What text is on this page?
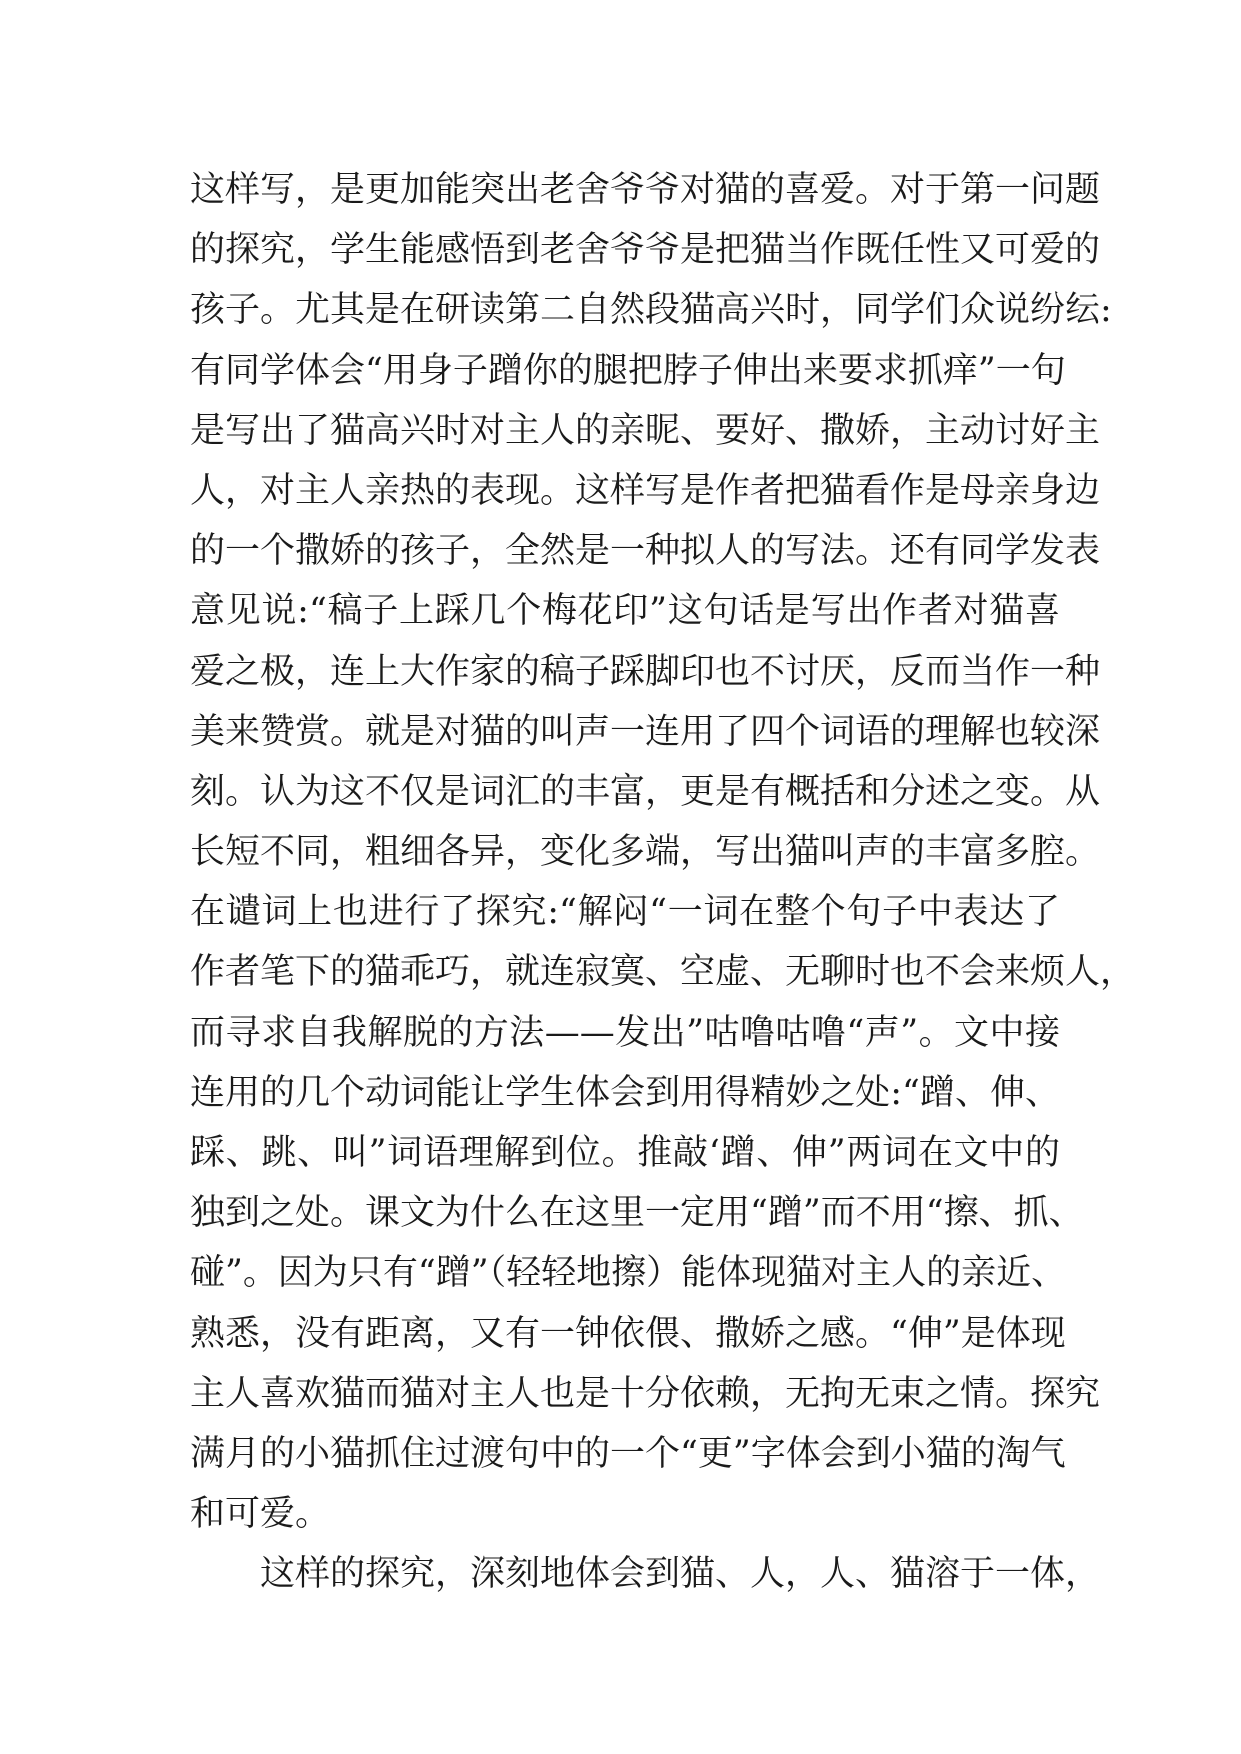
这样写，是更加能突出老舍爷爷对猫的喜爱。对于第一问题
的探究，学生能感悟到老舍爷爷是把猫当作既任性又可爱的
孩子。尤其是在研读第二自然段猫高兴时，同学们众说纷纭:
有同学体会“用身子蹭你的腿把脖子伸出来要求抓痒”一句
是写出了猫高兴时对主人的亲昵、要好、撒娇，主动讨好主
人，对主人亲热的表现。这样写是作者把猫看作是母亲身边
的一个撒娇的孩子，全然是一种拟人的写法。还有同学发表
意见说:“稿子上踩几个梅花印”这句话是写出作者对猫喜
爱之极，连上大作家的稿子踩脚印也不讨厌，反而当作一种
美来赞赏。就是对猫的叫声一连用了四个词语的理解也较深
刻。认为这不仅是词汇的丰富，更是有概括和分述之变。从
长短不同，粗细各异，变化多端，写出猫叫声的丰富多腔。
在谴词上也进行了探究:“解闷“一词在整个句子中表达了
作者笔下的猫乖巧，就连寂寞、空虚、无聊时也不会来烦人，
而寻求自我解脱的方法——发出”咕噜咕噜“声”。文中接
连用的几个动词能让学生体会到用得精妙之处:“蹭、伸、
踩、跳、叫”词语理解到位。推敲‘蹭、伸”两词在文中的
独到之处。课文为什么在这里一定用“蹭”而不用“擦、抓、
碰”。因为只有“蹭”（轻轻地擦）能体现猫对主人的亲近、
熟悉，没有距离，又有一钟依偎、撒娇之感。“伸”是体现
主人喜欢猫而猫对主人也是十分依赖，无拘无束之情。探究
满月的小猫抓住过渡句中的一个“更”字体会到小猫的淘气
和可爱。
这样的探究，深刻地体会到猫、人，人、猫溶于一体，
